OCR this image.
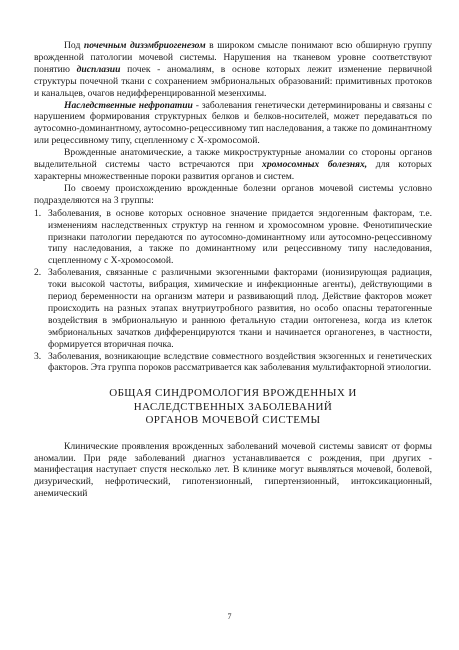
Под почечным дизэмбриогенезом в широком смысле понимают всю обширную группу врожденной патологии мочевой системы. Нарушения на тканевом уровне соответствуют понятию дисплазии почек - аномалиям, в основе которых лежит изменение первичной структуры почечной ткани с сохранением эмбриональных образований: примитивных протоков и канальцев, очагов недифференцированной мезенхимы.

Наследственные нефропатии - заболевания генетически детерминированы и связаны с нарушением формирования структурных белков и белков-носителей, может передаваться по аутосомно-доминантному, аутосомно-рецессивному тип наследования, а также по доминантному или рецессивному типу, сцепленному с Х-хромосомой.

Врожденные анатомические, а также микроструктурные аномалии со стороны органов выделительной системы часто встречаются при хромосомных болезнях, для которых характерны множественные пороки развития органов и систем.

По своему происхождению врожденные болезни органов мочевой системы условно подразделяются на 3 группы:

1. Заболевания, в основе которых основное значение придается эндогенным факторам, т.е. изменениям наследственных структур на генном и хромосомном уровне. Фенотипические признаки патологии передаются по аутосомно-доминантному или аутосомно-рецессивному типу наследования, а также по доминантному или рецессивному типу наследования, сцепленному с Х-хромосомой.
2. Заболевания, связанные с различными экзогенными факторами (ионизирующая радиация, токи высокой частоты, вибрация, химические и инфекционные агенты), действующими в период беременности на организм матери и развивающий плод. Действие факторов может происходить на разных этапах внутриутробного развития, но особо опасны тератогенные воздействия в эмбриональную и раннюю фетальную стадии онтогенеза, когда из клеток эмбриональных зачатков дифференцируются ткани и начинается органогенез, в частности, формируется вторичная почка.
3. Заболевания, возникающие вследствие совместного воздействия экзогенных и генетических факторов. Эта группа пороков рассматривается как заболевания мультифакторной этиологии.
ОБЩАЯ СИНДРОМОЛОГИЯ ВРОЖДЕННЫХ И
НАСЛЕДСТВЕННЫХ ЗАБОЛЕВАНИЙ
ОРГАНОВ МОЧЕВОЙ СИСТЕМЫ

Клинические проявления врожденных заболеваний мочевой системы зависят от формы аномалии. При ряде заболеваний диагноз устанавливается с рождения, при других - манифестация наступает спустя несколько лет. В клинике могут выявляться мочевой, болевой, дизурический, нефротический, гипотензионный, гипертензионный, интоксикационный, анемический

7
